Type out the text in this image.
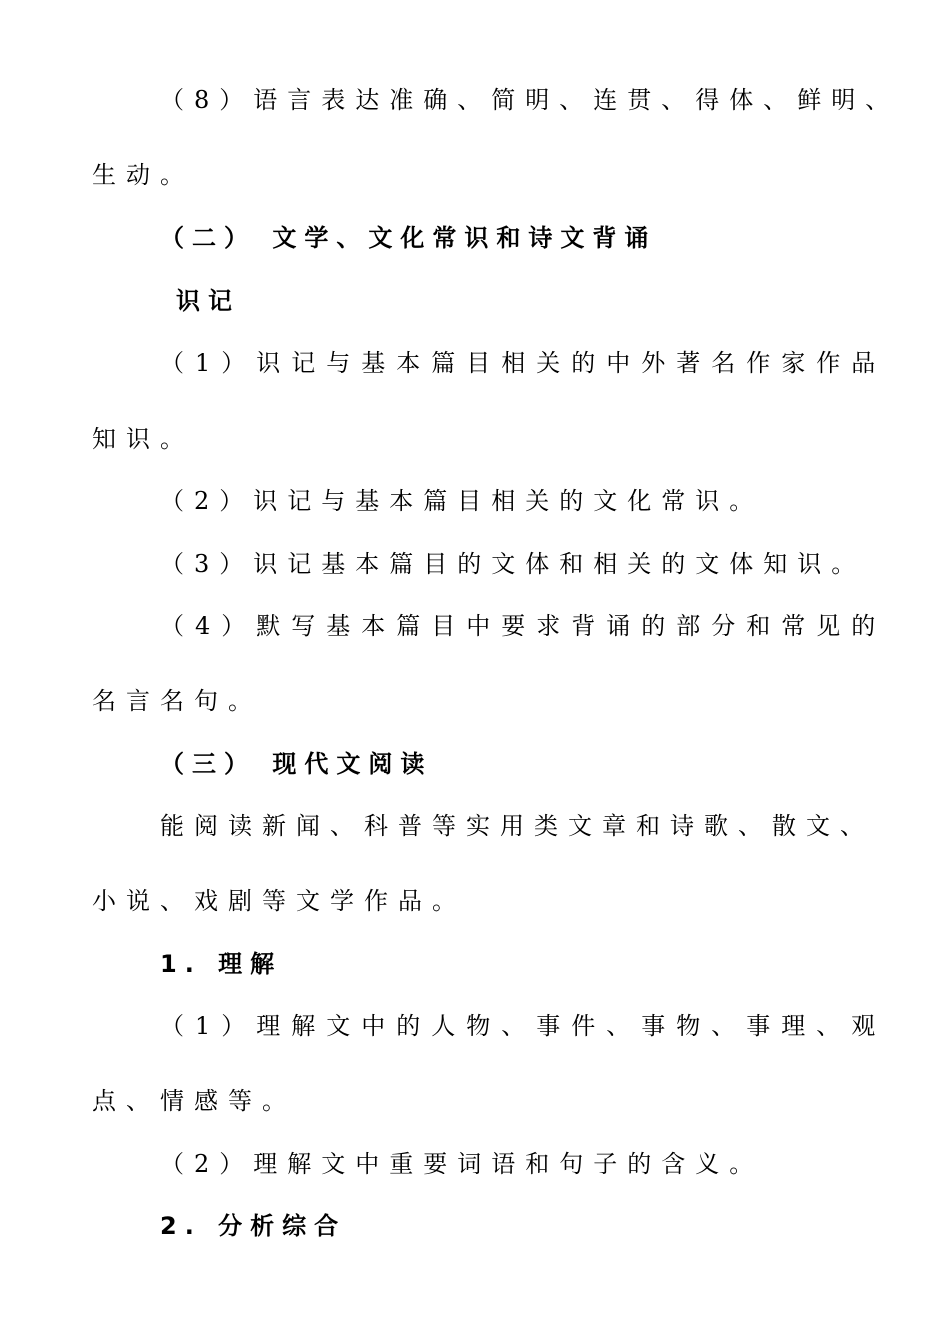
（8）语言表达准确、简明、连贯、得体、鲜明、
生动。
（二） 文学、文化常识和诗文背诵
识记
（1）识记与基本篇目相关的中外著名作家作品
知识。
（2）识记与基本篇目相关的文化常识。
（3）识记基本篇目的文体和相关的文体知识。
（4）默写基本篇目中要求背诵的部分和常见的
名言名句。
（三） 现代文阅读
能阅读新闻、科普等实用类文章和诗歌、散文、
小说、戏剧等文学作品。
1. 理解
（1）理解文中的人物、事件、事物、事理、观
点、情感等。
（2）理解文中重要词语和句子的含义。
2. 分析综合
